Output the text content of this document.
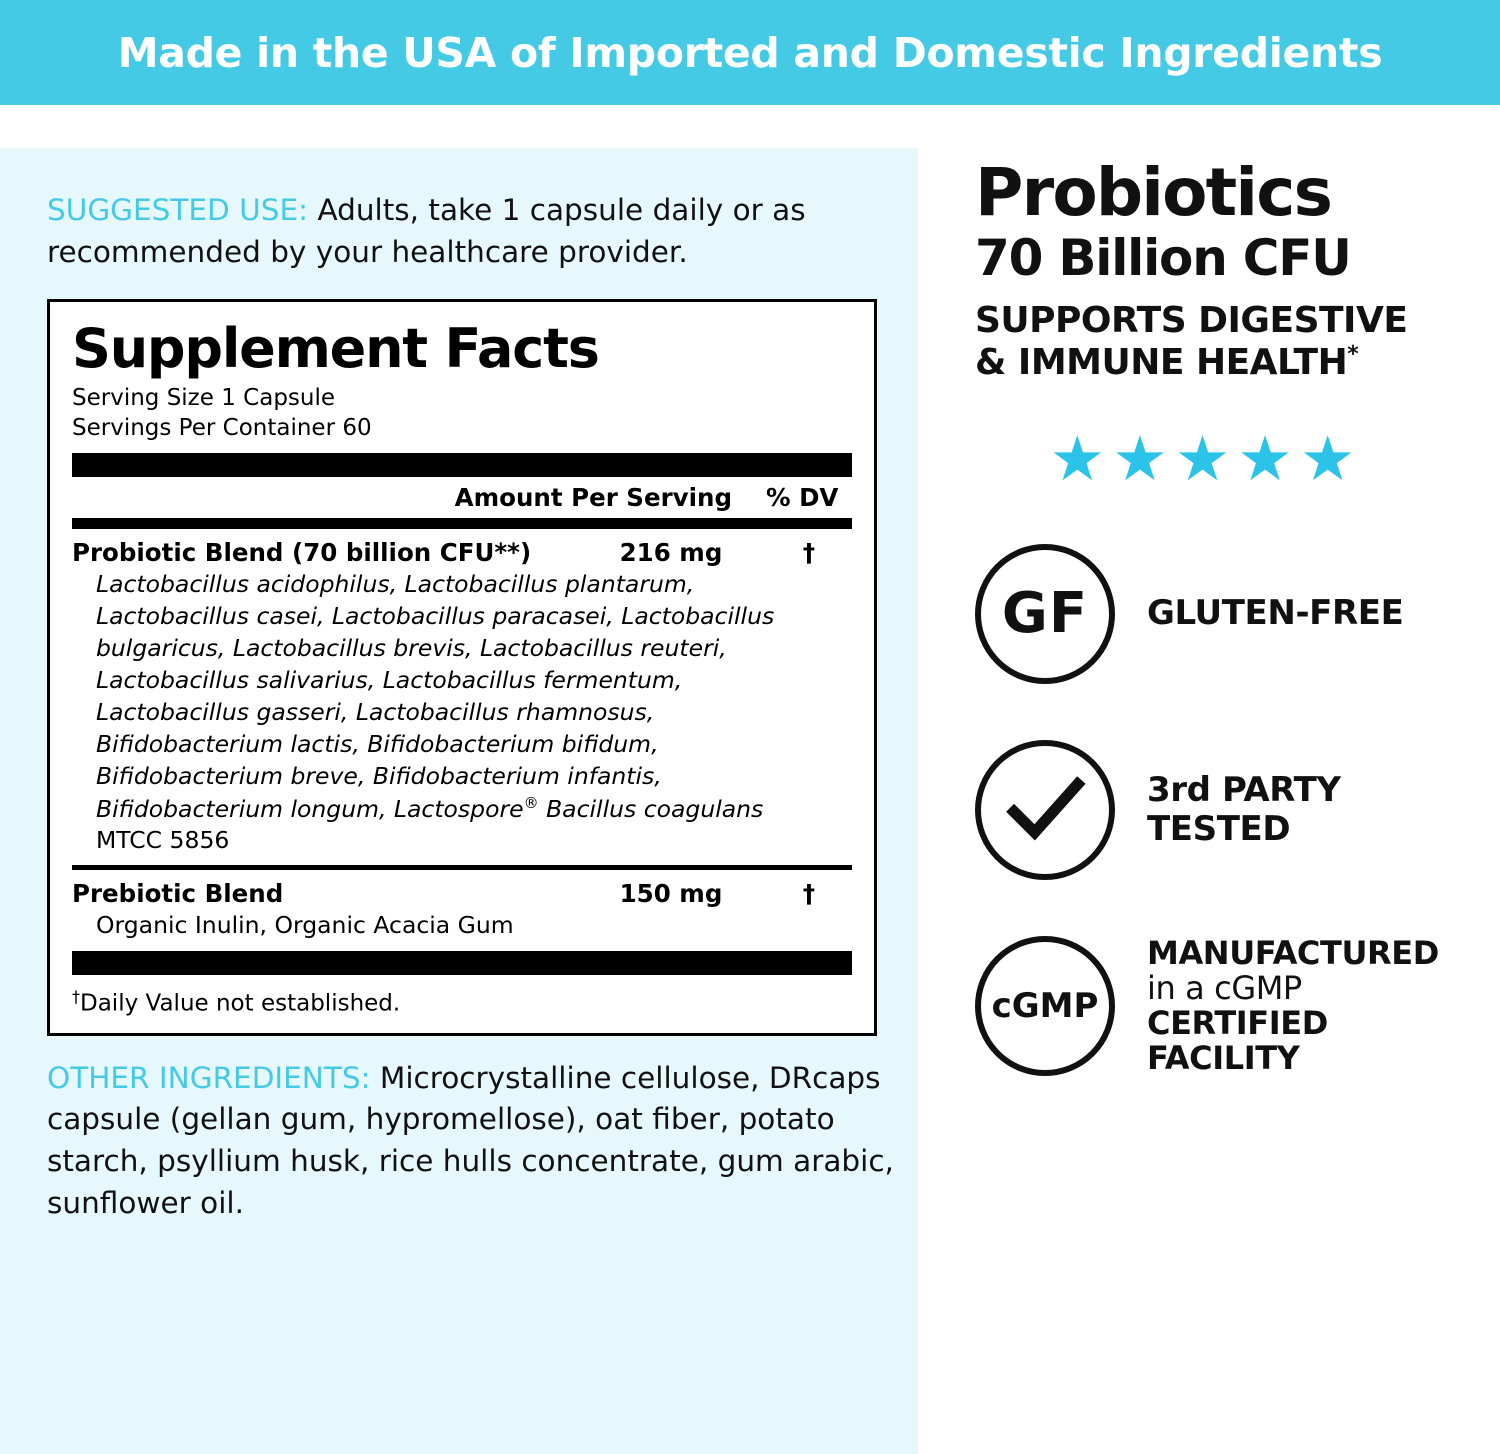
Made in the USA of Imported and Domestic Ingredients
SUGGESTED USE: Adults, take 1 capsule daily or as recommended by your healthcare provider.
Supplement Facts
Serving Size 1 Capsule
Servings Per Container 60
Amount Per Serving % DV
Probiotic Blend (70 billion CFU**)	216 mg	†
Lactobacillus acidophilus, Lactobacillus plantarum, Lactobacillus casei, Lactobacillus paracasei, Lactobacillus bulgaricus, Lactobacillus brevis, Lactobacillus reuteri, Lactobacillus salivarius, Lactobacillus fermentum, Lactobacillus gasseri, Lactobacillus rhamnosus, Bifidobacterium lactis, Bifidobacterium bifidum, Bifidobacterium breve, Bifidobacterium infantis, Bifidobacterium longum, Lactospore® Bacillus coagulans MTCC 5856
Prebiotic Blend	150 mg	†
Organic Inulin, Organic Acacia Gum
†Daily Value not established.
OTHER INGREDIENTS: Microcrystalline cellulose, DRcaps capsule (gellan gum, hypromellose), oat fiber, potato starch, psyllium husk, rice hulls concentrate, gum arabic, sunflower oil.
Probiotics
70 Billion CFU
SUPPORTS DIGESTIVE
& IMMUNE HEALTH*
★ ★ ★ ★ ★
GF GLUTEN-FREE
3rd PARTY
TESTED
cGMP
MANUFACTURED
in a cGMP
CERTIFIED
FACILITY
